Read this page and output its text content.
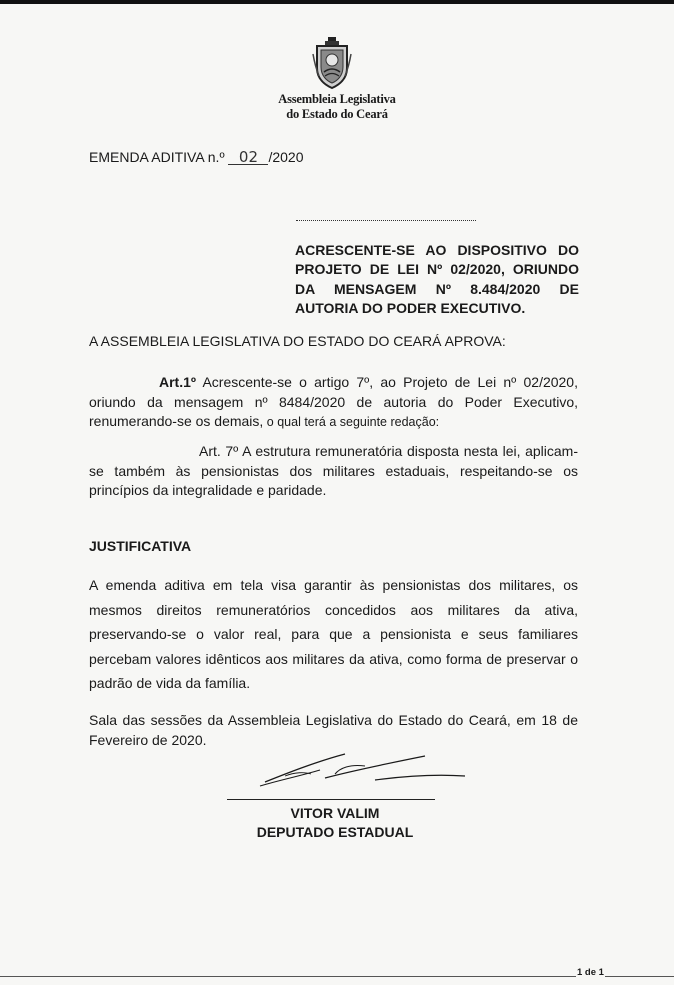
Assembleia Legislativa
do Estado do Ceará
EMENDA ADITIVA n.º 02 /2020
ACRESCENTE-SE AO DISPOSITIVO DO PROJETO DE LEI Nº 02/2020, ORIUNDO DA MENSAGEM Nº 8.484/2020 DE AUTORIA DO PODER EXECUTIVO.
A ASSEMBLEIA LEGISLATIVA DO ESTADO DO CEARÁ APROVA:
Art.1º Acrescente-se o artigo 7º, ao Projeto de Lei nº 02/2020, oriundo da mensagem nº 8484/2020 de autoria do Poder Executivo, renumerando-se os demais, o qual terá a seguinte redação:
Art. 7º A estrutura remuneratória disposta nesta lei, aplicam-se também às pensionistas dos militares estaduais, respeitando-se os princípios da integralidade e paridade.
JUSTIFICATIVA
A emenda aditiva em tela visa garantir às pensionistas dos militares, os mesmos direitos remuneratórios concedidos aos militares da ativa, preservando-se o valor real, para que a pensionista e seus familiares percebam valores idênticos aos militares da ativa, como forma de preservar o padrão de vida da família.
Sala das sessões da Assembleia Legislativa do Estado do Ceará, em 18 de Fevereiro de 2020.
VITOR VALIM
DEPUTADO ESTADUAL
1 de 1
